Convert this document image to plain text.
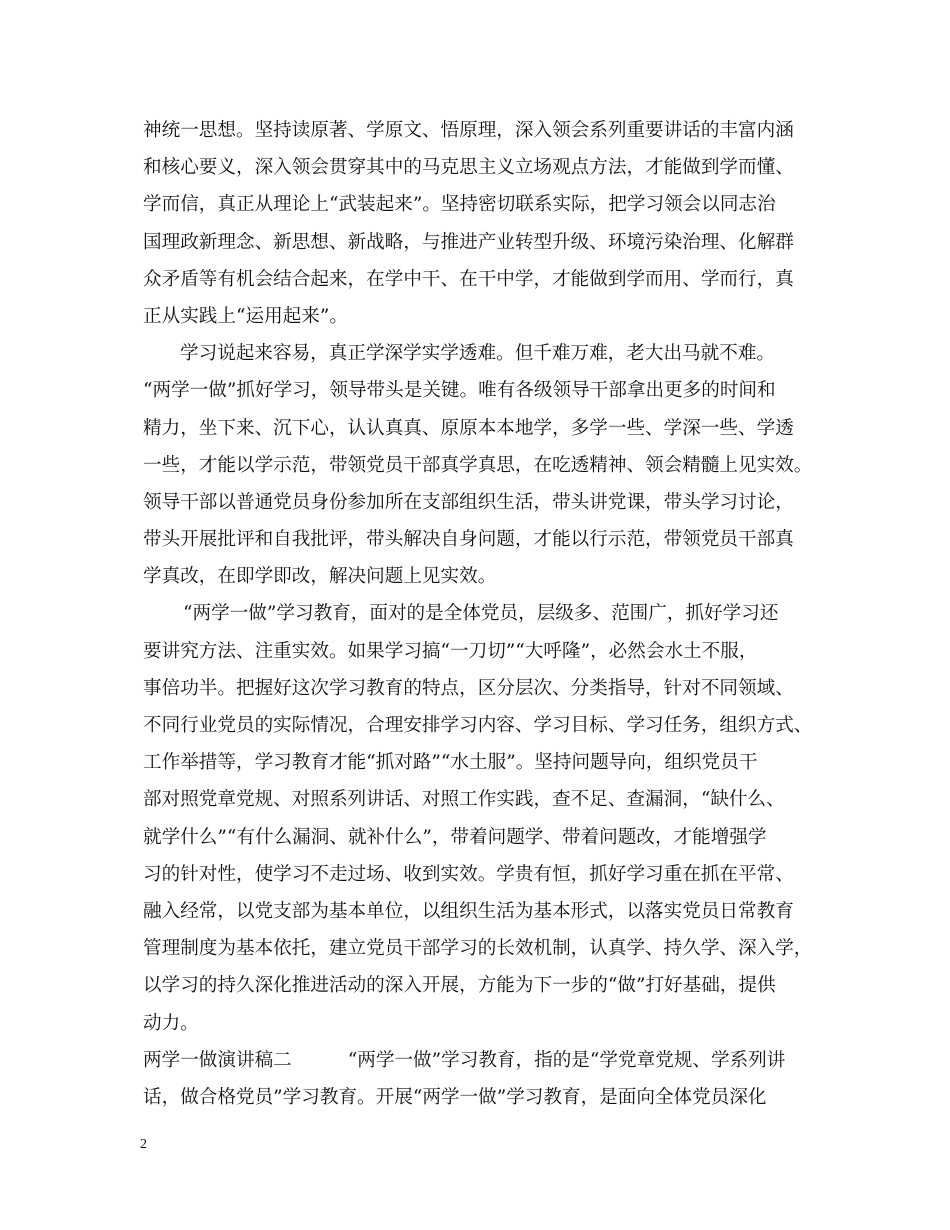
神统一思想。坚持读原著、学原文、悟原理，深入领会系列重要讲话的丰富内涵
和核心要义，深入领会贯穿其中的马克思主义立场观点方法，才能做到学而懂、
学而信，真正从理论上“武装起来”。坚持密切联系实际，把学习领会以同志治
国理政新理念、新思想、新战略，与推进产业转型升级、环境污染治理、化解群
众矛盾等有机会结合起来，在学中干、在干中学，才能做到学而用、学而行，真
正从实践上“运用起来”。
学习说起来容易，真正学深学实学透难。但千难万难，老大出马就不难。
“两学一做”抓好学习，领导带头是关键。唯有各级领导干部拿出更多的时间和
精力，坐下来、沉下心，认认真真、原原本本地学，多学一些、学深一些、学透
一些，才能以学示范，带领党员干部真学真思，在吃透精神、领会精髓上见实效。
领导干部以普通党员身份参加所在支部组织生活，带头讲党课，带头学习讨论，
带头开展批评和自我批评，带头解决自身问题，才能以行示范，带领党员干部真
学真改，在即学即改，解决问题上见实效。
“两学一做”学习教育，面对的是全体党员，层级多、范围广，抓好学习还
要讲究方法、注重实效。如果学习搞“一刀切”“大呼隆”，必然会水土不服，
事倍功半。把握好这次学习教育的特点，区分层次、分类指导，针对不同领域、
不同行业党员的实际情况，合理安排学习内容、学习目标、学习任务，组织方式、
工作举措等，学习教育才能“抓对路”“水土服”。坚持问题导向，组织党员干
部对照党章党规、对照系列讲话、对照工作实践，查不足、查漏洞，“缺什么、
就学什么”“有什么漏洞、就补什么”，带着问题学、带着问题改，才能增强学
习的针对性，使学习不走过场、收到实效。学贵有恒，抓好学习重在抓在平常、
融入经常，以党支部为基本单位，以组织生活为基本形式，以落实党员日常教育
管理制度为基本依托，建立党员干部学习的长效机制，认真学、持久学、深入学，
以学习的持久深化推进活动的深入开展，方能为下一步的“做”打好基础，提供
动力。
两学一做演讲稿二	“两学一做”学习教育，指的是“学党章党规、学系列讲
话，做合格党员”学习教育。开展“两学一做”学习教育，是面向全体党员深化
2
